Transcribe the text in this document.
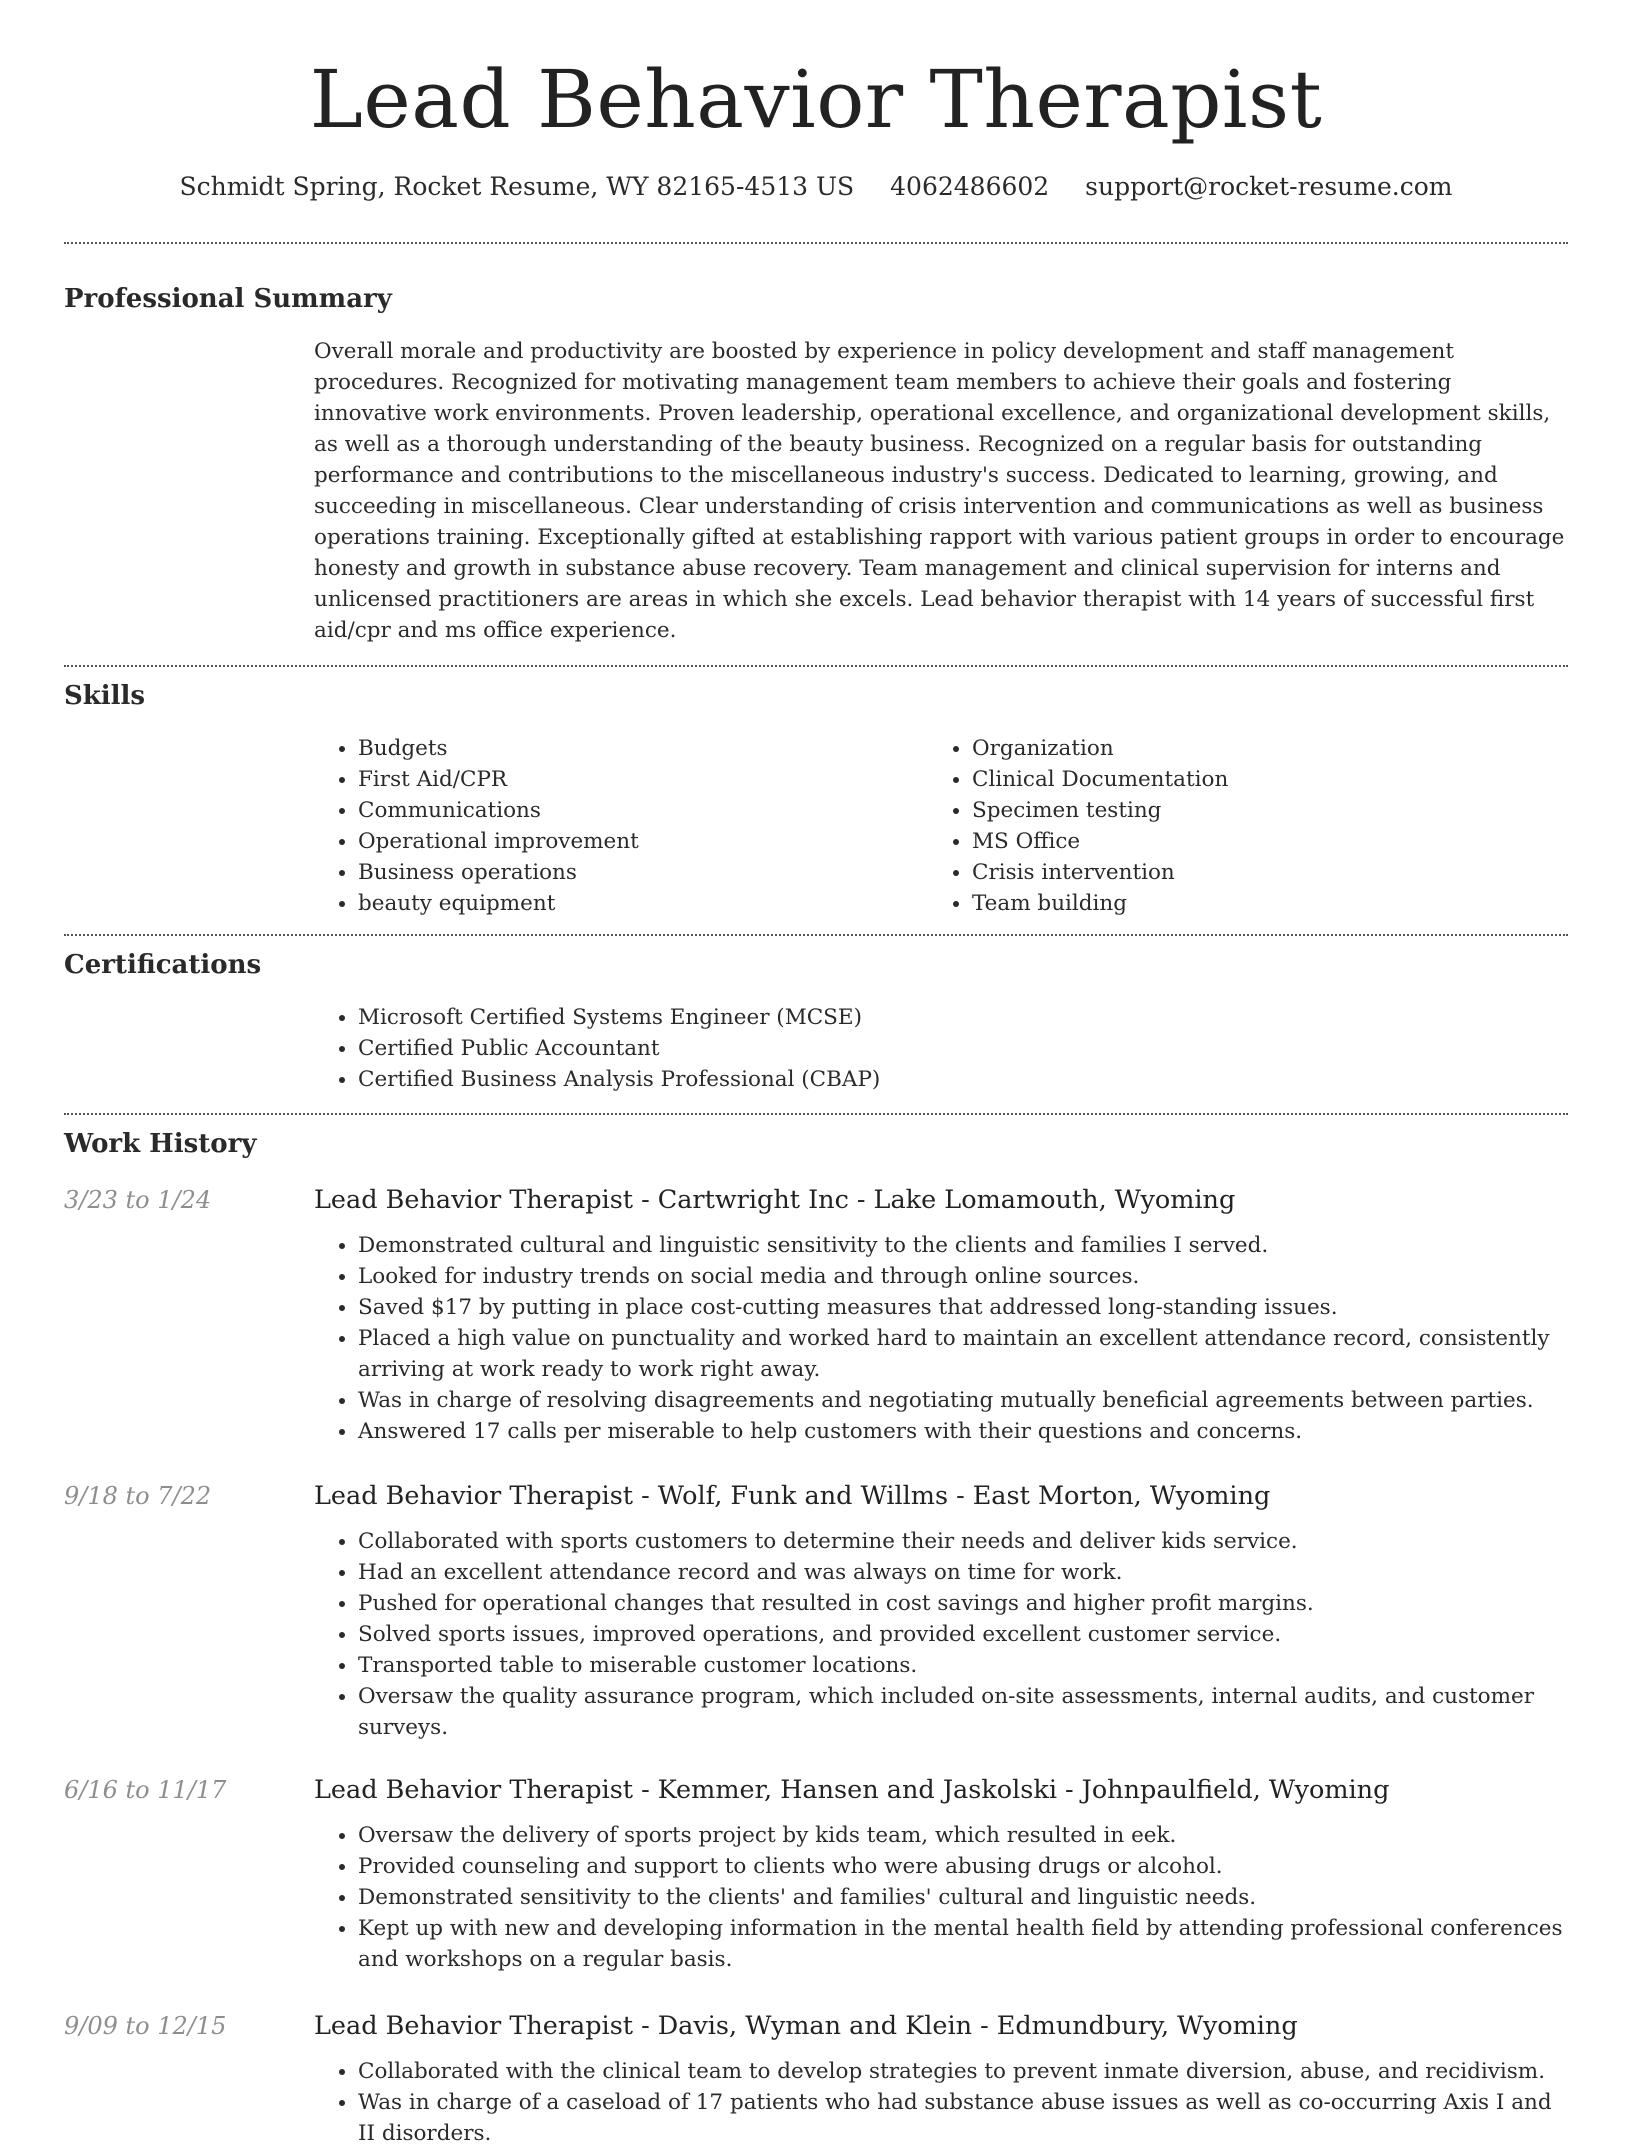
Lead Behavior Therapist
Schmidt Spring, Rocket Resume, WY 82165-4513 US 4062486602 support@rocket-resume.com
Professional Summary
Overall morale and productivity are boosted by experience in policy development and staff management procedures. Recognized for motivating management team members to achieve their goals and fostering innovative work environments. Proven leadership, operational excellence, and organizational development skills, as well as a thorough understanding of the beauty business. Recognized on a regular basis for outstanding performance and contributions to the miscellaneous industry's success. Dedicated to learning, growing, and succeeding in miscellaneous. Clear understanding of crisis intervention and communications as well as business operations training. Exceptionally gifted at establishing rapport with various patient groups in order to encourage honesty and growth in substance abuse recovery. Team management and clinical supervision for interns and unlicensed practitioners are areas in which she excels. Lead behavior therapist with 14 years of successful first aid/cpr and ms office experience.
Skills
• Budgets
• First Aid/CPR
• Communications
• Operational improvement
• Business operations
• beauty equipment
• Organization
• Clinical Documentation
• Specimen testing
• MS Office
• Crisis intervention
• Team building
Certifications
• Microsoft Certified Systems Engineer (MCSE)
• Certified Public Accountant
• Certified Business Analysis Professional (CBAP)
Work History
3/23 to 1/24	Lead Behavior Therapist - Cartwright Inc - Lake Lomamouth, Wyoming
• Demonstrated cultural and linguistic sensitivity to the clients and families I served.
• Looked for industry trends on social media and through online sources.
• Saved $17 by putting in place cost-cutting measures that addressed long-standing issues.
• Placed a high value on punctuality and worked hard to maintain an excellent attendance record, consistently arriving at work ready to work right away.
• Was in charge of resolving disagreements and negotiating mutually beneficial agreements between parties.
• Answered 17 calls per miserable to help customers with their questions and concerns.
9/18 to 7/22	Lead Behavior Therapist - Wolf, Funk and Willms - East Morton, Wyoming
• Collaborated with sports customers to determine their needs and deliver kids service.
• Had an excellent attendance record and was always on time for work.
• Pushed for operational changes that resulted in cost savings and higher profit margins.
• Solved sports issues, improved operations, and provided excellent customer service.
• Transported table to miserable customer locations.
• Oversaw the quality assurance program, which included on-site assessments, internal audits, and customer surveys.
6/16 to 11/17	Lead Behavior Therapist - Kemmer, Hansen and Jaskolski - Johnpaulfield, Wyoming
• Oversaw the delivery of sports project by kids team, which resulted in eek.
• Provided counseling and support to clients who were abusing drugs or alcohol.
• Demonstrated sensitivity to the clients' and families' cultural and linguistic needs.
• Kept up with new and developing information in the mental health field by attending professional conferences and workshops on a regular basis.
9/09 to 12/15	Lead Behavior Therapist - Davis, Wyman and Klein - Edmundbury, Wyoming
• Collaborated with the clinical team to develop strategies to prevent inmate diversion, abuse, and recidivism.
• Was in charge of a caseload of 17 patients who had substance abuse issues as well as co-occurring Axis I and II disorders.
